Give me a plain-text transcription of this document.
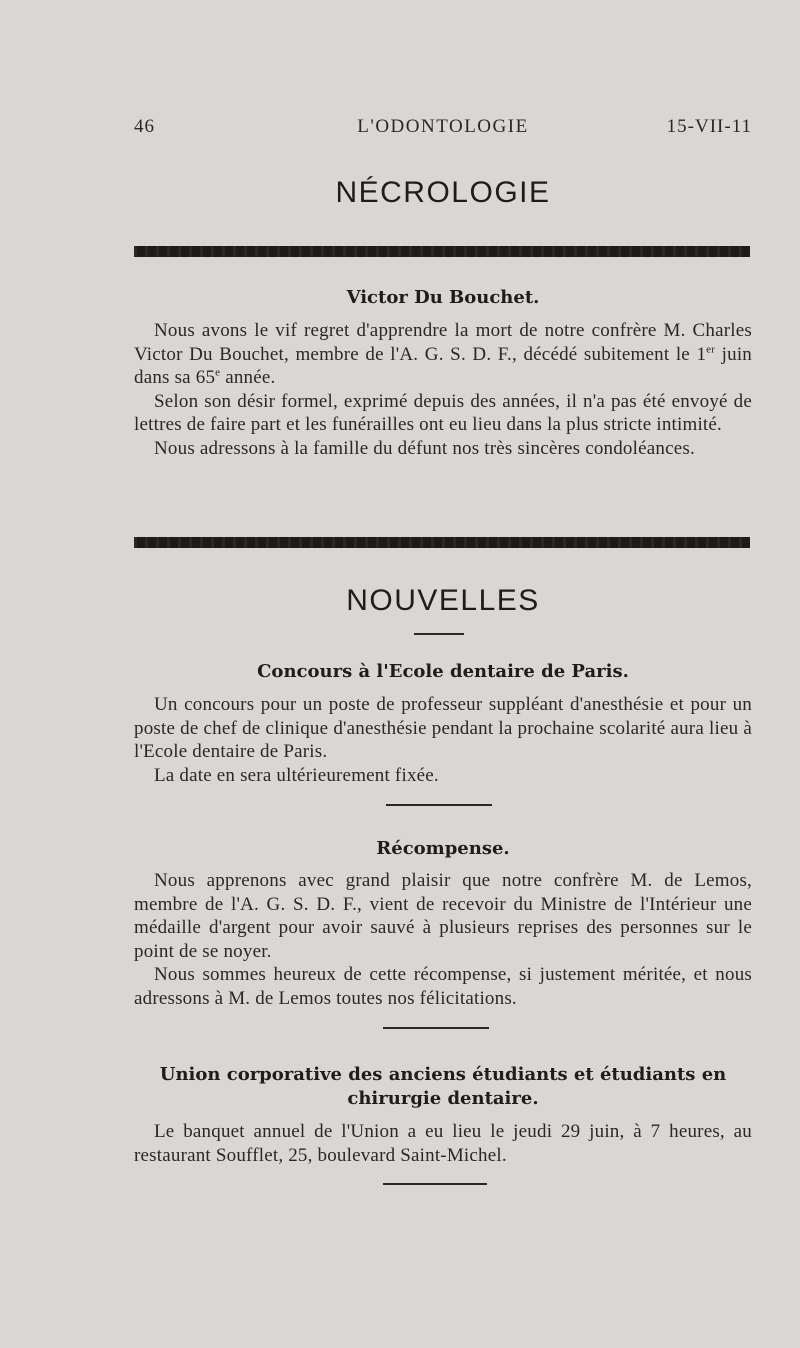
46	L'ODONTOLOGIE	15-VII-11
NÉCROLOGIE
Victor Du Bouchet.

Nous avons le vif regret d'apprendre la mort de notre confrère M. Charles Victor Du Bouchet, membre de l'A. G. S. D. F., décédé subitement le 1er juin dans sa 65e année.

Selon son désir formel, exprimé depuis des années, il n'a pas été envoyé de lettres de faire part et les funérailles ont eu lieu dans la plus stricte intimité.

Nous adressons à la famille du défunt nos très sincères condoléances.

NOUVELLES
Concours à l'Ecole dentaire de Paris.

Un concours pour un poste de professeur suppléant d'anesthésie et pour un poste de chef de clinique d'anesthésie pendant la prochaine scolarité aura lieu à l'Ecole dentaire de Paris.

La date en sera ultérieurement fixée.

Récompense.

Nous apprenons avec grand plaisir que notre confrère M. de Lemos, membre de l'A. G. S. D. F., vient de recevoir du Ministre de l'Intérieur une médaille d'argent pour avoir sauvé à plusieurs reprises des personnes sur le point de se noyer.

Nous sommes heureux de cette récompense, si justement méritée, et nous adressons à M. de Lemos toutes nos félicitations.

Union corporative des anciens étudiants et étudiants en chirurgie dentaire.

Le banquet annuel de l'Union a eu lieu le jeudi 29 juin, à 7 heures, au restaurant Soufflet, 25, boulevard Saint-Michel.
